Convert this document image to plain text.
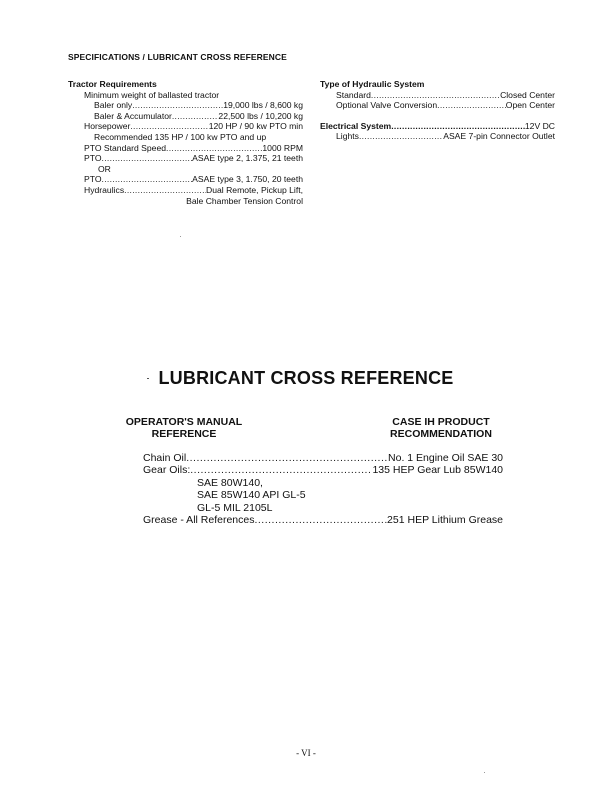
SPECIFICATIONS / LUBRICANT CROSS REFERENCE
Tractor Requirements
Minimum weight of ballasted tractor
Baler only .....	19,000 lbs / 8,600 kg
Baler & Accumulator .....	22,500 lbs / 10,200 kg
Horsepower .....	120 HP / 90 kw PTO min
Recommended 135 HP / 100 kw PTO and up
PTO Standard Speed .....	1000 RPM
PTO .....	ASAE type 2, 1.375, 21 teeth
OR
PTO .....	ASAE type 3, 1.750, 20 teeth
Hydraulics .....	Dual Remote, Pickup Lift,
Bale Chamber Tension Control
Type of Hydraulic System
Standard .....	Closed Center
Optional Valve Conversion .....	Open Center
Electrical System .....	12V DC
Lights .....	ASAE 7-pin Connector Outlet
LUBRICANT CROSS REFERENCE
OPERATOR'S MANUAL
REFERENCE
CASE IH PRODUCT
RECOMMENDATION
Chain Oil .....	No. 1 Engine Oil SAE 30
Gear Oils: .....	135 HEP Gear Lub 85W140
SAE 80W140,
SAE 85W140 API GL-5
GL-5 MIL 2105L
Grease - All References .....	251 HEP Lithium Grease
- VI -
